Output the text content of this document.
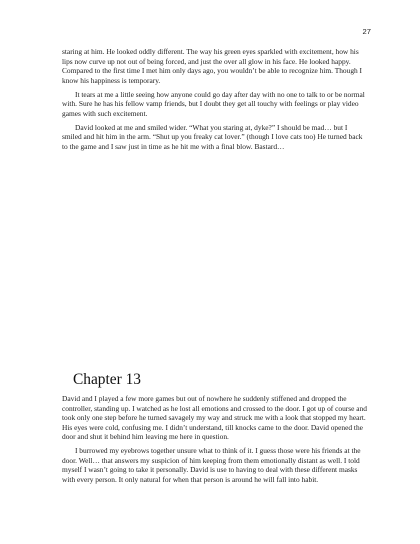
27

staring at him. He looked oddly different. The way his green eyes sparkled with excitement, how his lips now curve up not out of being forced, and just the over all glow in his face. He looked happy. Compared to the first time I met him only days ago, you wouldn’t be able to recognize him. Though I know his happiness is temporary.

It tears at me a little seeing how anyone could go day after day with no one to talk to or be normal with. Sure he has his fellow vamp friends, but I doubt they get all touchy with feelings or play video games with such excitement.

David looked at me and smiled wider. “What you staring at, dyke?” I should be mad… but I smiled and hit him in the arm. “Shut up you freaky cat lover.” (though I love cats too) He turned back to the game and I saw just in time as he hit me with a final blow. Bastard…

Chapter 13

David and I played a few more games but out of nowhere he suddenly stiffened and dropped the controller, standing up. I watched as he lost all emotions and crossed to the door. I got up of course and took only one step before he turned savagely my way and struck me with a look that stopped my heart. His eyes were cold, confusing me. I didn’t understand, till knocks came to the door. David opened the door and shut it behind him leaving me here in question.

I burrowed my eyebrows together unsure what to think of it. I guess those were his friends at the door. Well… that answers my suspicion of him keeping from them emotionally distant as well. I told myself I wasn’t going to take it personally. David is use to having to deal with these different masks with every person. It only natural for when that person is around he will fall into habit.
